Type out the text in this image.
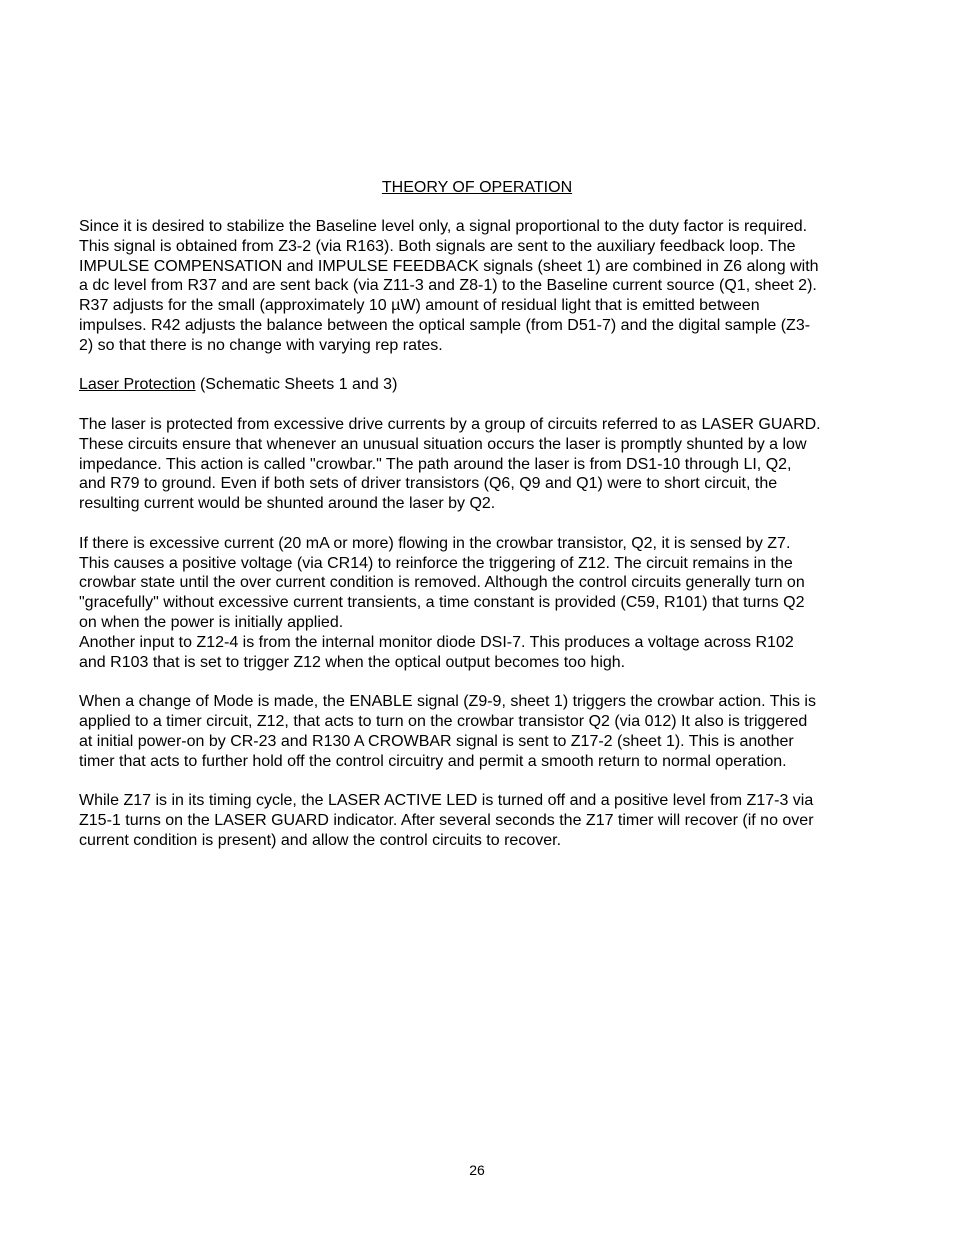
THEORY OF OPERATION
Since it is desired to stabilize the Baseline level only, a signal proportional to the duty factor is required.
This signal is obtained from Z3-2 (via R163). Both signals are sent to the auxiliary feedback loop. The
IMPULSE COMPENSATION and IMPULSE FEEDBACK signals (sheet 1) are combined in Z6 along with
a dc level from R37 and are sent back (via Z11-3 and Z8-1) to the Baseline current source (Q1, sheet 2).
R37 adjusts for the small (approximately 10 µW) amount of residual light that is emitted between
impulses. R42 adjusts the balance between the optical sample (from D51-7) and the digital sample (Z3-
2) so that there is no change with varying rep rates.
Laser Protection (Schematic Sheets 1 and 3)
The laser is protected from excessive drive currents by a group of circuits referred to as LASER GUARD.
These circuits ensure that whenever an unusual situation occurs the laser is promptly shunted by a low
impedance. This action is called "crowbar." The path around the laser is from DS1-10 through LI, Q2,
and R79 to ground. Even if both sets of driver transistors (Q6, Q9 and Q1) were to short circuit, the
resulting current would be shunted around the laser by Q2.
If there is excessive current (20 mA or more) flowing in the crowbar transistor, Q2, it is sensed by Z7.
This causes a positive voltage (via CR14) to reinforce the triggering of Z12. The circuit remains in the
crowbar state until the over current condition is removed. Although the control circuits generally turn on
"gracefully" without excessive current transients, a time constant is provided (C59, R101) that turns Q2
on when the power is initially applied.
Another input to Z12-4 is from the internal monitor diode DSI-7. This produces a voltage across R102
and R103 that is set to trigger Z12 when the optical output becomes too high.
When a change of Mode is made, the ENABLE signal (Z9-9, sheet 1) triggers the crowbar action. This is
applied to a timer circuit, Z12, that acts to turn on the crowbar transistor Q2 (via 012) It also is triggered
at initial power-on by CR-23 and R130 A CROWBAR signal is sent to Z17-2 (sheet 1). This is another
timer that acts to further hold off the control circuitry and permit a smooth return to normal operation.
While Z17 is in its timing cycle, the LASER ACTIVE LED is turned off and a positive level from Z17-3 via
Z15-1 turns on the LASER GUARD indicator. After several seconds the Z17 timer will recover (if no over
current condition is present) and allow the control circuits to recover.
26
